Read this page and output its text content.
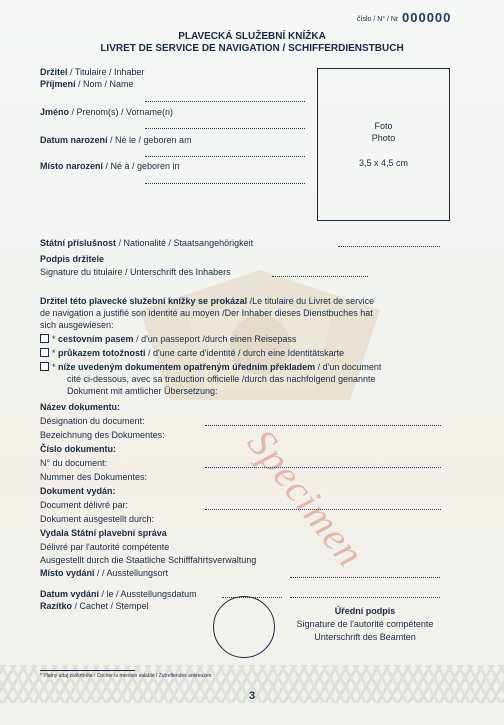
Specimen
číslo / N° / Nr 000000
PLAVECKÁ SLUŽEBNÍ KNÍŽKA
LIVRET DE SERVICE DE NAVIGATION / SCHIFFERDIENSTBUCH
Držitel / Titulaire / Inhaber
Příjmení / Nom / Name
Jméno / Prenom(s) / Vorname(n)
Datum narození / Né le / geboren am
Místo narození / Né à / geboren in
Foto
Photo
3,5 x 4,5 cm
Státní příslušnost / Nationalité / Staatsangehörigkeit
Podpis držitele
Signature du titulaire / Unterschrift des Inhabers
Držitel této plavecké služební knížky se prokázal /Le titulaire du Livret de service
de navigation a justifié son identité au moyen /Der Inhaber dieses Dienstbuches hat
sich ausgewiesen:
* cestovním pasem / d'un passeport /durch einen Reisepass
* průkazem totožnosti / d'une carte d'identité / durch eine Identitätskarte
* níže uvedeným dokumentem opatřeným úředním překladem / d'un document
cité ci-dessous, avec sa traduction officielle /durch das nachfolgend genannte
Dokument mit amtlicher Übersetzung:
Název dokumentu:
Désignation du document:
Bezeichnung des Dokumentes:
Číslo dokumentu:
N° du document:
Nummer des Dokumentes:
Dokument vydán:
Document délivré par:
Dokument ausgestellt durch:
Vydala Státní plavební správa
Délivré par l'autorité compétente
Ausgestellt durch die Staatliche Schifffahrtsverwaltung
Místo vydání / / Ausstellungsort
Datum vydání / le / Ausstellungsdatum
Razítko / Cachet / Stempel	Úřední podpis
Signature de l'autorité compétente
Unterschrift des Beamten
* Platný údaj zaškrtněte / Cocher la mention valable / Zutreffendes ankreuzen
3
